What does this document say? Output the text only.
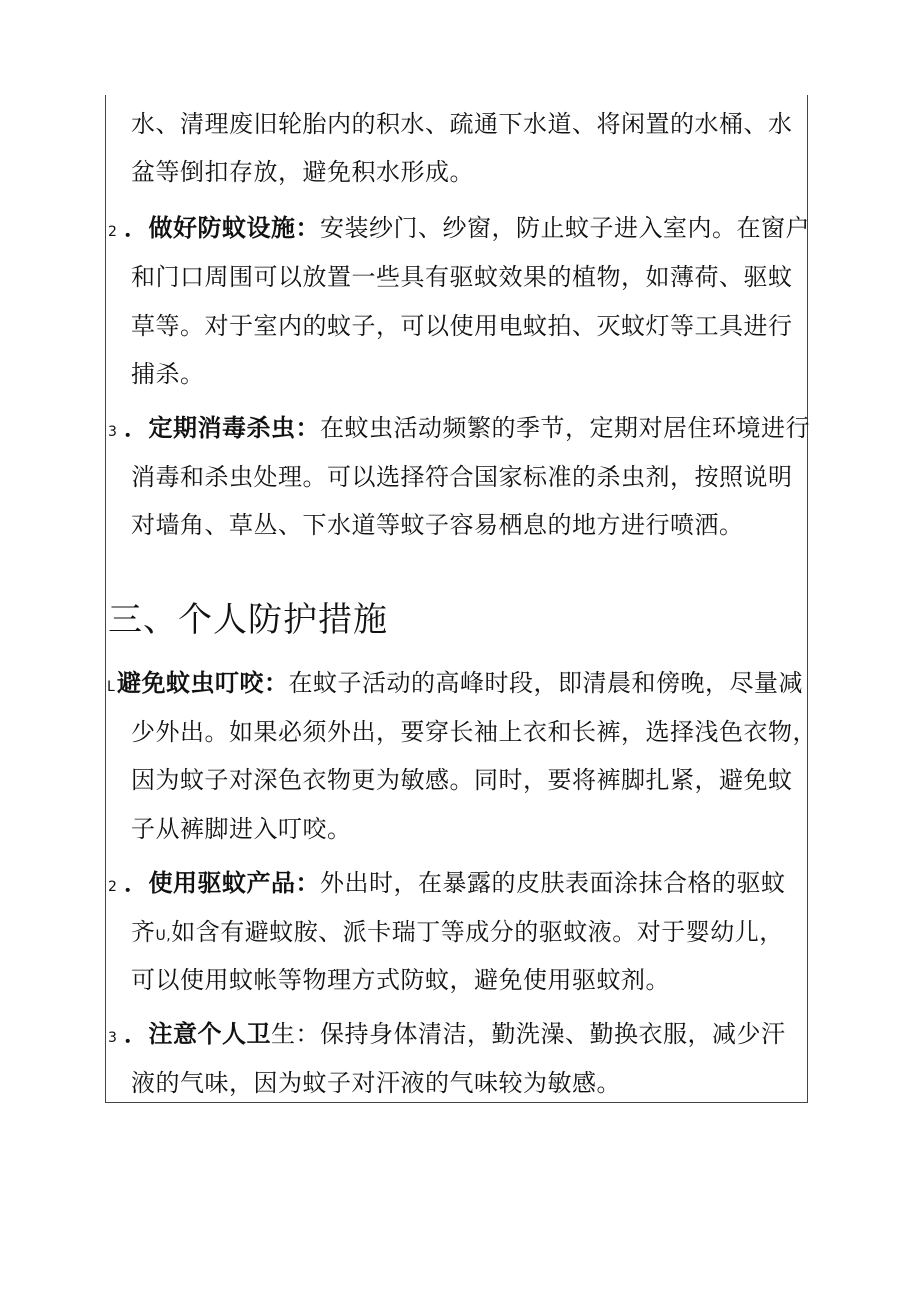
水、清理废旧轮胎内的积水、疏通下水道、将闲置的水桶、水
盆等倒扣存放，避免积水形成。
2 ．做好防蚊设施：安装纱门、纱窗，防止蚊子进入室内。在窗户
和门口周围可以放置一些具有驱蚊效果的植物，如薄荷、驱蚊
草等。对于室内的蚊子，可以使用电蚊拍、灭蚊灯等工具进行
捕杀。
3 ．定期消毒杀虫：在蚊虫活动频繁的季节，定期对居住环境进行
消毒和杀虫处理。可以选择符合国家标准的杀虫剂，按照说明
对墙角、草丛、下水道等蚊子容易栖息的地方进行喷洒。
三、个人防护措施
L 避免蚊虫叮咬：在蚊子活动的高峰时段，即清晨和傍晚，尽量减
少外出。如果必须外出，要穿长袖上衣和长裤，选择浅色衣物，
因为蚊子对深色衣物更为敏感。同时，要将裤脚扎紧，避免蚊
子从裤脚进入叮咬。
2 ．使用驱蚊产品：外出时，在暴露的皮肤表面涂抹合格的驱蚊
齐U,如含有避蚊胺、派卡瑞丁等成分的驱蚊液。对于婴幼儿，
可以使用蚊帐等物理方式防蚊，避免使用驱蚊剂。
3 ．注意个人卫生：保持身体清洁，勤洗澡、勤换衣服，减少汗
液的气味，因为蚊子对汗液的气味较为敏感。
